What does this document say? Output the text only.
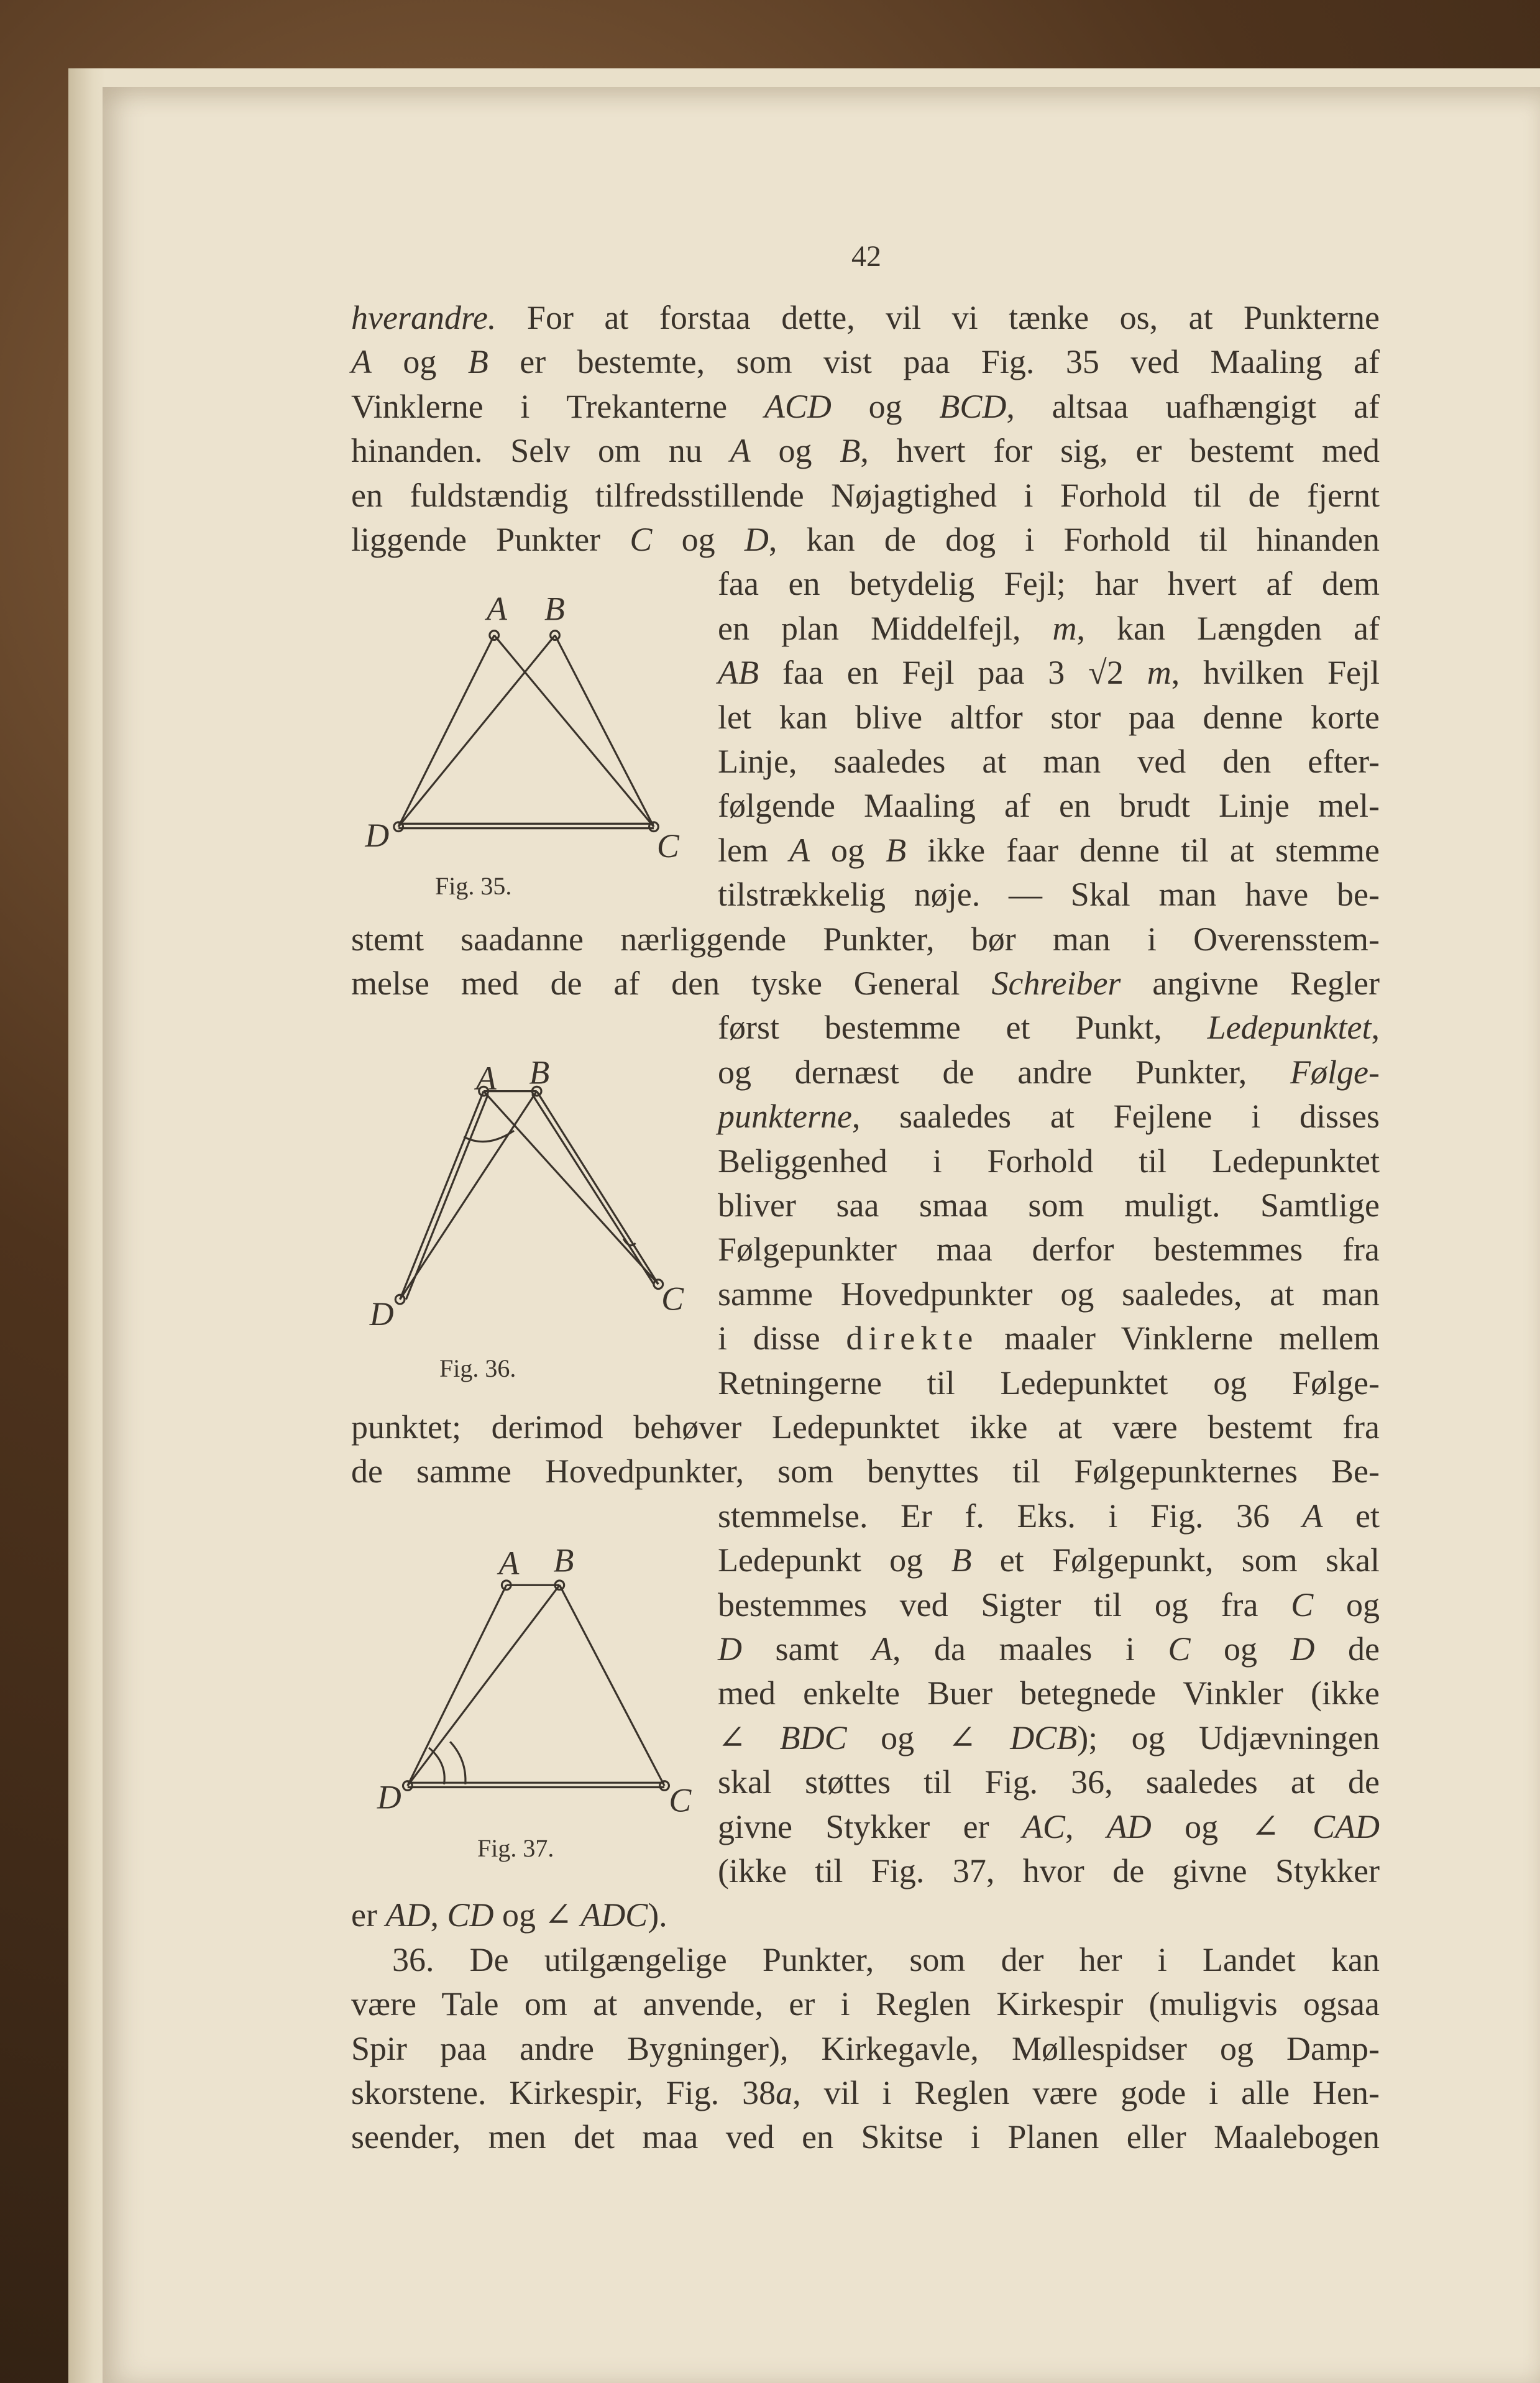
42
A	B
D	C
A B
D	C
A	B
D	C
Fig. 35.
Fig. 36.
Fig. 37.
hverandre. For at forstaa dette, vil vi tænke os, at Punkterne
A og B er bestemte, som vist paa Fig. 35 ved Maaling af
Vinklerne i Trekanterne ACD og BCD, altsaa uafhængigt af
hinanden. Selv om nu A og B, hvert for sig, er bestemt med
en fuldstændig tilfredsstillende Nøjagtighed i Forhold til de fjernt
liggende Punkter C og D, kan de dog i Forhold til hinanden
faa en betydelig Fejl; har hvert af dem
en plan Middelfejl, m, kan Længden af
AB faa en Fejl paa 3 √2 m, hvilken Fejl
let kan blive altfor stor paa denne korte
Linje, saaledes at man ved den efter-
følgende Maaling af en brudt Linje mel-
lem A og B ikke faar denne til at stemme
tilstrækkelig nøje. — Skal man have be-
stemt saadanne nærliggende Punkter, bør man i Overensstem-
melse med de af den tyske General Schreiber angivne Regler
først bestemme et Punkt, Ledepunktet,
og dernæst de andre Punkter, Følge-
punkterne, saaledes at Fejlene i disses
Beliggenhed i Forhold til Ledepunktet
bliver saa smaa som muligt. Samtlige
Følgepunkter maa derfor bestemmes fra
samme Hovedpunkter og saaledes, at man
i disse direkte maaler Vinklerne mellem
Retningerne til Ledepunktet og Følge-
punktet; derimod behøver Ledepunktet ikke at være bestemt fra
de samme Hovedpunkter, som benyttes til Følgepunkternes Be-
stemmelse. Er f. Eks. i Fig. 36 A et
Ledepunkt og B et Følgepunkt, som skal
bestemmes ved Sigter til og fra C og
D samt A, da maales i C og D de
med enkelte Buer betegnede Vinkler (ikke
∠ BDC og ∠ DCB); og Udjævningen
skal støttes til Fig. 36, saaledes at de
givne Stykker er AC, AD og ∠ CAD
(ikke til Fig. 37, hvor de givne Stykker
er AD, CD og ∠ ADC).
36. De utilgængelige Punkter, som der her i Landet kan
være Tale om at anvende, er i Reglen Kirkespir (muligvis ogsaa
Spir paa andre Bygninger), Kirkegavle, Møllespidser og Damp-
skorstene. Kirkespir, Fig. 38a, vil i Reglen være gode i alle Hen-
seender, men det maa ved en Skitse i Planen eller Maalebogen
